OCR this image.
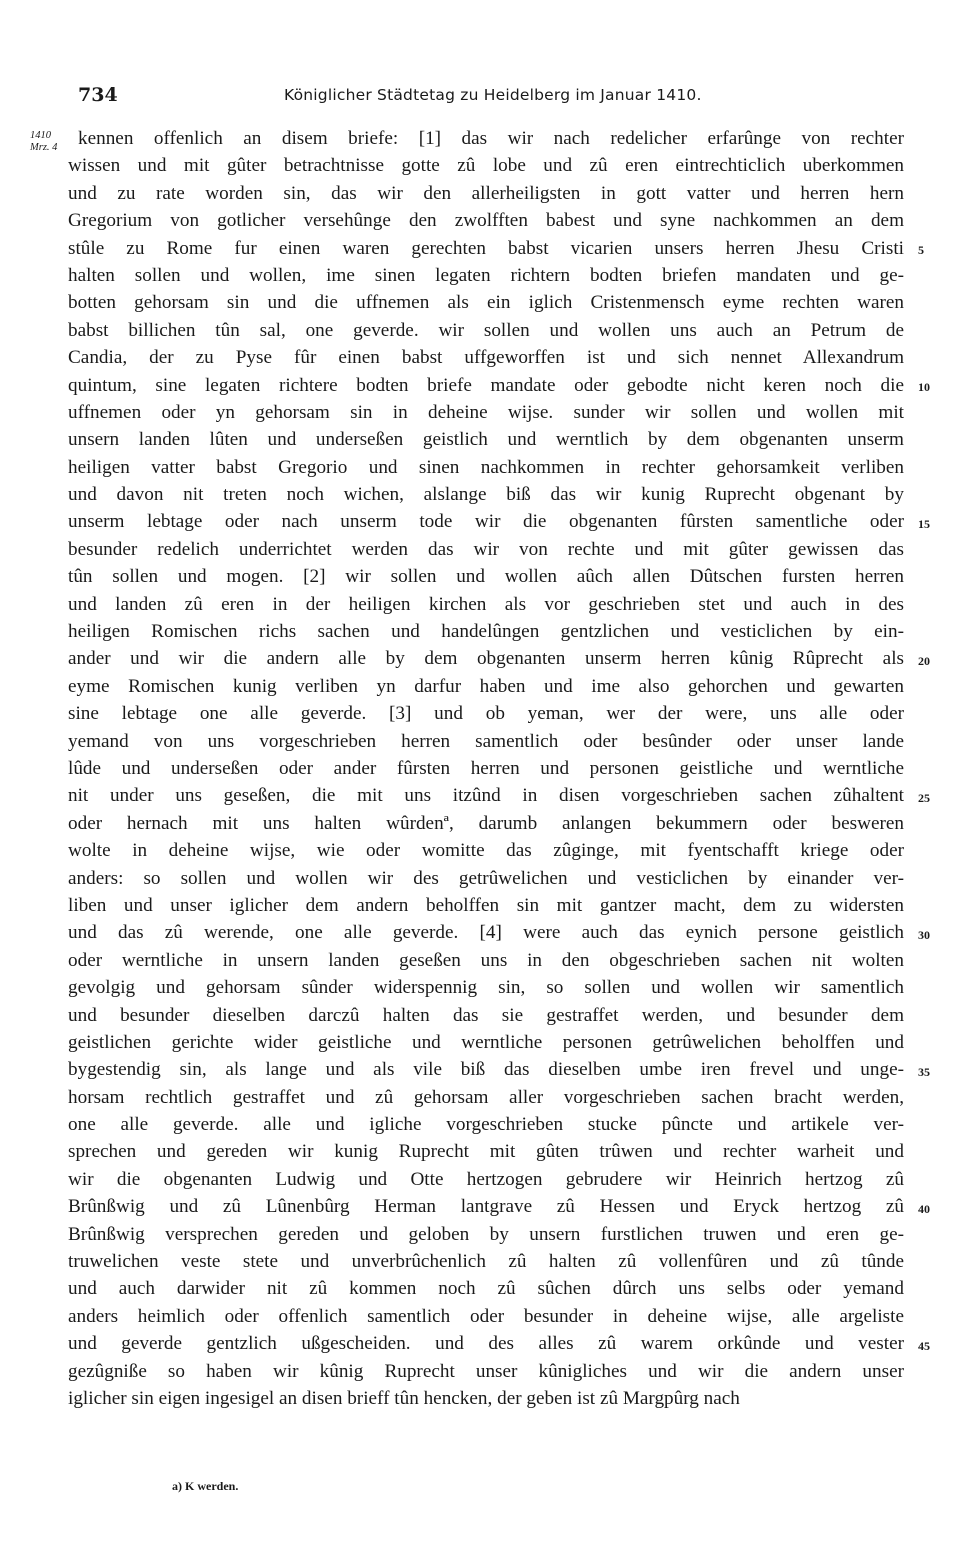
734	Königlicher Städtetag zu Heidelberg im Januar 1410.
1410
Mrz. 4	kennen offenlich an disem briefe: [1] das wir nach redelicher erfarûnge von rechter
wissen und mit gûter betrachtnisse gotte zû lobe und zû eren eintrechticlich uberkommen
und zu rate worden sin, das wir den allerheiligsten in gott vatter und herren hern
Gregorium von gotlicher versehûnge den zwolfften babest und syne nachkommen an dem
stûle zu Rome fur einen waren gerechten babst vicarien unsers herren Jhesu Cristi
halten sollen und wollen, ime sinen legaten richtern bodten briefen mandaten und ge-
botten gehorsam sin und die uffnemen als ein iglich Cristenmensch eyme rechten waren
babst billichen tûn sal, one geverde. wir sollen und wollen uns auch an Petrum de
Candia, der zu Pyse fûr einen babst uffgeworffen ist und sich nennet Allexandrum
quintum, sine legaten richtere bodten briefe mandate oder gebodte nicht keren noch die
uffnemen oder yn gehorsam sin in deheine wijse. sunder wir sollen und wollen mit
unsern landen lûten und underseßen geistlich und werntlich by dem obgenanten unserm
heiligen vatter babst Gregorio und sinen nachkommen in rechter gehorsamkeit verliben
und davon nit treten noch wichen, alslange biß das wir kunig Ruprecht obgenant by
unserm lebtage oder nach unserm tode wir die obgenanten fûrsten samentliche oder
besunder redelich underrichtet werden das wir von rechte und mit gûter gewissen das
tûn sollen und mogen. [2] wir sollen und wollen aûch allen Dûtschen fursten herren
und landen zû eren in der heiligen kirchen als vor geschrieben stet und auch in des
heiligen Romischen richs sachen und handelûngen gentzlichen und vesticlichen by ein-
ander und wir die andern alle by dem obgenanten unserm herren kûnig Rûprecht als
eyme Romischen kunig verliben yn darfur haben und ime also gehorchen und gewarten
sine lebtage one alle geverde. [3] und ob yeman, wer der were, uns alle oder
yemand von uns vorgeschrieben herren samentlich oder besûnder oder unser lande
lûde und underseßen oder ander fûrsten herren und personen geistliche und werntliche
nit under uns geseßen, die mit uns itzûnd in disen vorgeschrieben sachen zûhaltent
oder hernach mit uns halten wûrdenª, darumb anlangen bekummern oder besweren
wolte in deheine wijse, wie oder womitte das zûginge, mit fyentschafft kriege oder
anders: so sollen und wollen wir des getrûwelichen und vesticlichen by einander ver-
liben und unser iglicher dem andern beholffen sin mit gantzer macht, dem zu widersten
und das zû werende, one alle geverde. [4] were auch das eynich persone geistlich
oder werntliche in unsern landen geseßen uns in den obgeschrieben sachen nit wolten
gevolgig und gehorsam sûnder widerspennig sin, so sollen und wollen wir samentlich
und besunder dieselben darczû halten das sie gestraffet werden, und besunder dem
geistlichen gerichte wider geistliche und werntliche personen getrûwelichen beholffen und
bygestendig sin, als lange und als vile biß das dieselben umbe iren frevel und unge-
horsam rechtlich gestraffet und zû gehorsam aller vorgeschrieben sachen bracht werden,
one alle geverde. alle und igliche vorgeschrieben stucke pûncte und artikele ver-
sprechen und gereden wir kunig Ruprecht mit gûten trûwen und rechter warheit und
wir die obgenanten Ludwig und Otte hertzogen gebrudere wir Heinrich hertzog zû
Brûnßwig und zû Lûnenbûrg Herman lantgrave zû Hessen und Eryck hertzog zû
Brûnßwig versprechen gereden und geloben by unsern furstlichen truwen und eren ge-
truwelichen veste stete und unverbrûchenlich zû halten zû vollenfûren und zû tûnde
und auch darwider nit zû kommen noch zû sûchen dûrch uns selbs oder yemand
anders heimlich oder offenlich samentlich oder besunder in deheine wijse, alle argeliste
und geverde gentzlich ußgescheiden. und des alles zû warem orkûnde und vester
gezûgniße so haben wir kûnig Ruprecht unser kûnigliches und wir die andern unser
iglicher sin eigen ingesigel an disen brieff tûn hencken, der geben ist zû Margpûrg nach
5
10
15
20
25
30
35
40
45
a) K werden.
